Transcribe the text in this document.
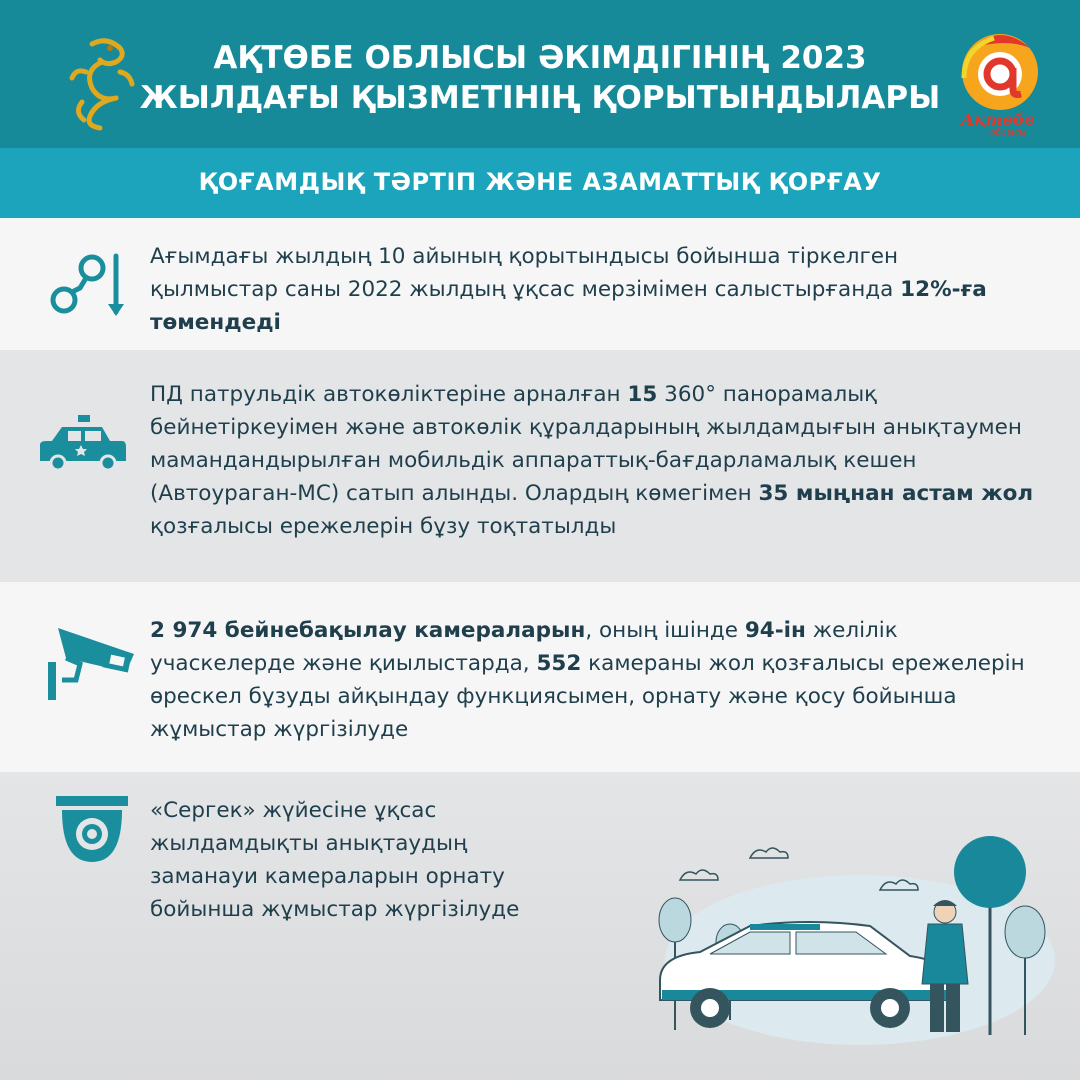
АҚТӨБЕ ОБЛЫСЫ ӘКІМДІГІНІҢ 2023
ЖЫЛДАҒЫ ҚЫЗМЕТІНІҢ ҚОРЫТЫНДЫЛАРЫ
Ақтөбе
облысы
ҚОҒАМДЫҚ ТӘРТІП ЖӘНЕ АЗАМАТТЫҚ ҚОРҒАУ
Ағымдағы жылдың 10 айының қорытындысы бойынша тіркелген қылмыстар саны 2022 жылдың ұқсас мерзімімен салыстырғанда 12%-ға төмендеді
ПД патрульдік автокөліктеріне арналған 15 360° панорамалық бейнетіркеуімен және автокөлік құралдарының жылдамдығын анықтаумен мамандандырылған мобильдік аппараттық-бағдарламалық кешен (Автоураган-МС) сатып алынды. Олардың көмегімен 35 мыңнан астам жол қозғалысы ережелерін бұзу тоқтатылды
2 974 бейнебақылау камераларын, оның ішінде 94-ін желілік учаскелерде және қиылыстарда, 552 камераны жол қозғалысы ережелерін өрескел бұзуды айқындау функциясымен, орнату және қосу бойынша жұмыстар жүргізілуде
«Сергек» жүйесіне ұқсас
жылдамдықты анықтаудың
заманауи камераларын орнату
бойынша жұмыстар жүргізілуде
